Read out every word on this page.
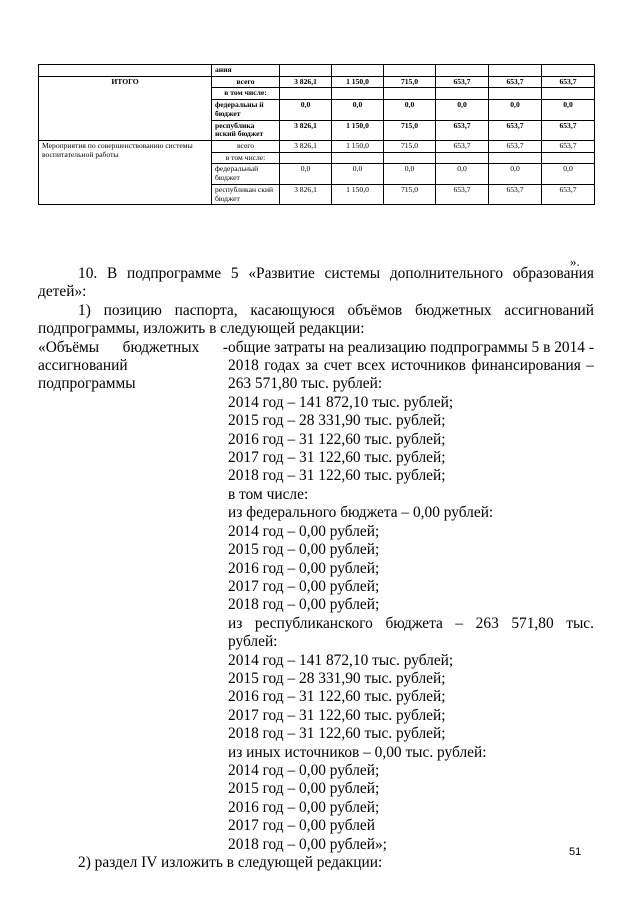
	ания						
ИТОГО	всего	3 826,1	1 150,0	715,0	653,7	653,7	653,7
	в том числе:						
	федеральны й бюджет	0,0	0,0	0,0	0,0	0,0	0,0
	республика нский бюджет	3 826,1	1 150,0	715,0	653,7	653,7	653,7
Мероприятия по совершенствованию системы воспитательной работы	всего	3 826,1	1 150,0	715,0	653,7	653,7	653,7
	в том числе:						
	федеральный бюджет	0,0	0,0	0,0	0,0	0,0	0,0
	республикан ский бюджет	3 826,1	1 150,0	715,0	653,7	653,7	653,7
».
10. В подпрограмме 5 «Развитие системы дополнительного образования детей»:
1) позицию паспорта, касающуюся объёмов бюджетных ассигнований подпрограммы, изложить в следующей редакции:
«Объёмы бюджетных - ассигнований подпрограммы
общие затраты на реализацию подпрограммы 5 в 2014 - 2018 годах за счет всех источников финансирования – 263 571,80 тыс. рублей:
2014 год – 141 872,10 тыс. рублей;
2015 год – 28 331,90 тыс. рублей;
2016 год – 31 122,60 тыс. рублей;
2017 год – 31 122,60 тыс. рублей;
2018 год – 31 122,60 тыс. рублей;
в том числе:
из федерального бюджета – 0,00 рублей:
2014 год – 0,00 рублей;
2015 год – 0,00 рублей;
2016 год – 0,00 рублей;
2017 год – 0,00 рублей;
2018 год – 0,00 рублей;
из республиканского бюджета – 263 571,80 тыс. рублей:
2014 год – 141 872,10 тыс. рублей;
2015 год – 28 331,90 тыс. рублей;
2016 год – 31 122,60 тыс. рублей;
2017 год – 31 122,60 тыс. рублей;
2018 год – 31 122,60 тыс. рублей;
из иных источников – 0,00 тыс. рублей:
2014 год – 0,00 рублей;
2015 год – 0,00 рублей;
2016 год – 0,00 рублей;
2017 год – 0,00 рублей
2018 год – 0,00 рублей»;
2) раздел IV изложить в следующей редакции:
51
